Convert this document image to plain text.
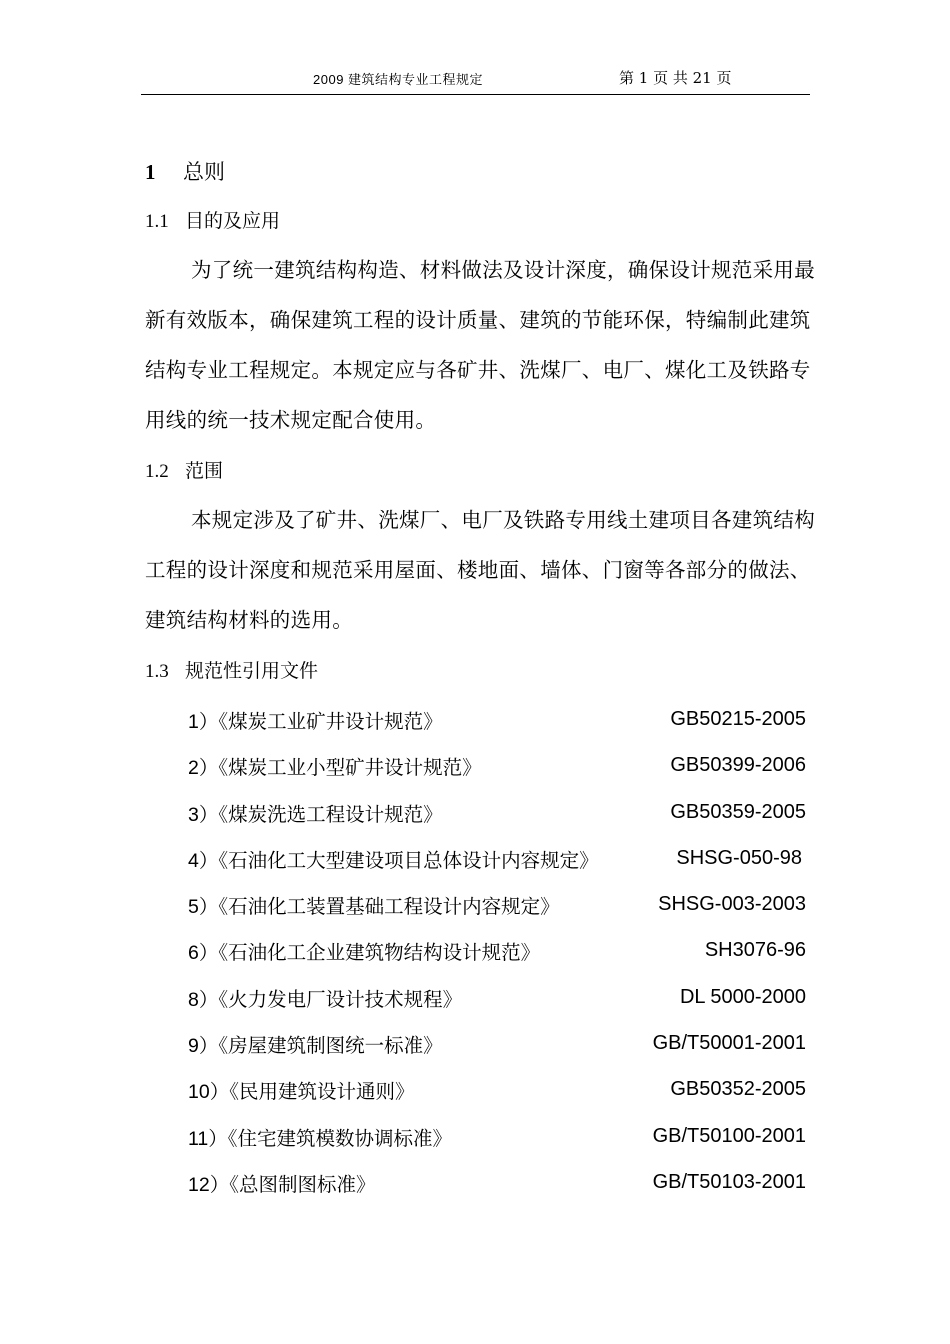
2009 建筑结构专业工程规定	第 1 页 共 21 页
1 总则
1.1 目的及应用
为了统一建筑结构构造、材料做法及设计深度，确保设计规范采用最新有效版本，确保建筑工程的设计质量、建筑的节能环保，特编制此建筑结构专业工程规定。本规定应与各矿井、洗煤厂、电厂、煤化工及铁路专用线的统一技术规定配合使用。
1.2 范围
本规定涉及了矿井、洗煤厂、电厂及铁路专用线土建项目各建筑结构工程的设计深度和规范采用屋面、楼地面、墙体、门窗等各部分的做法、建筑结构材料的选用。
1.3 规范性引用文件
1）《煤炭工业矿井设计规范》	GB50215-2005
2）《煤炭工业小型矿井设计规范》	GB50399-2006
3）《煤炭洗选工程设计规范》	GB50359-2005
4）《石油化工大型建设项目总体设计内容规定》	SHSG-050-98
5）《石油化工装置基础工程设计内容规定》	SHSG-003-2003
6）《石油化工企业建筑物结构设计规范》	SH3076-96
8）《火力发电厂设计技术规程》	DL 5000-2000
9）《房屋建筑制图统一标准》	GB/T50001-2001
10）《民用建筑设计通则》	GB50352-2005
11）《住宅建筑模数协调标准》	GB/T50100-2001
12）《总图制图标准》	GB/T50103-2001
